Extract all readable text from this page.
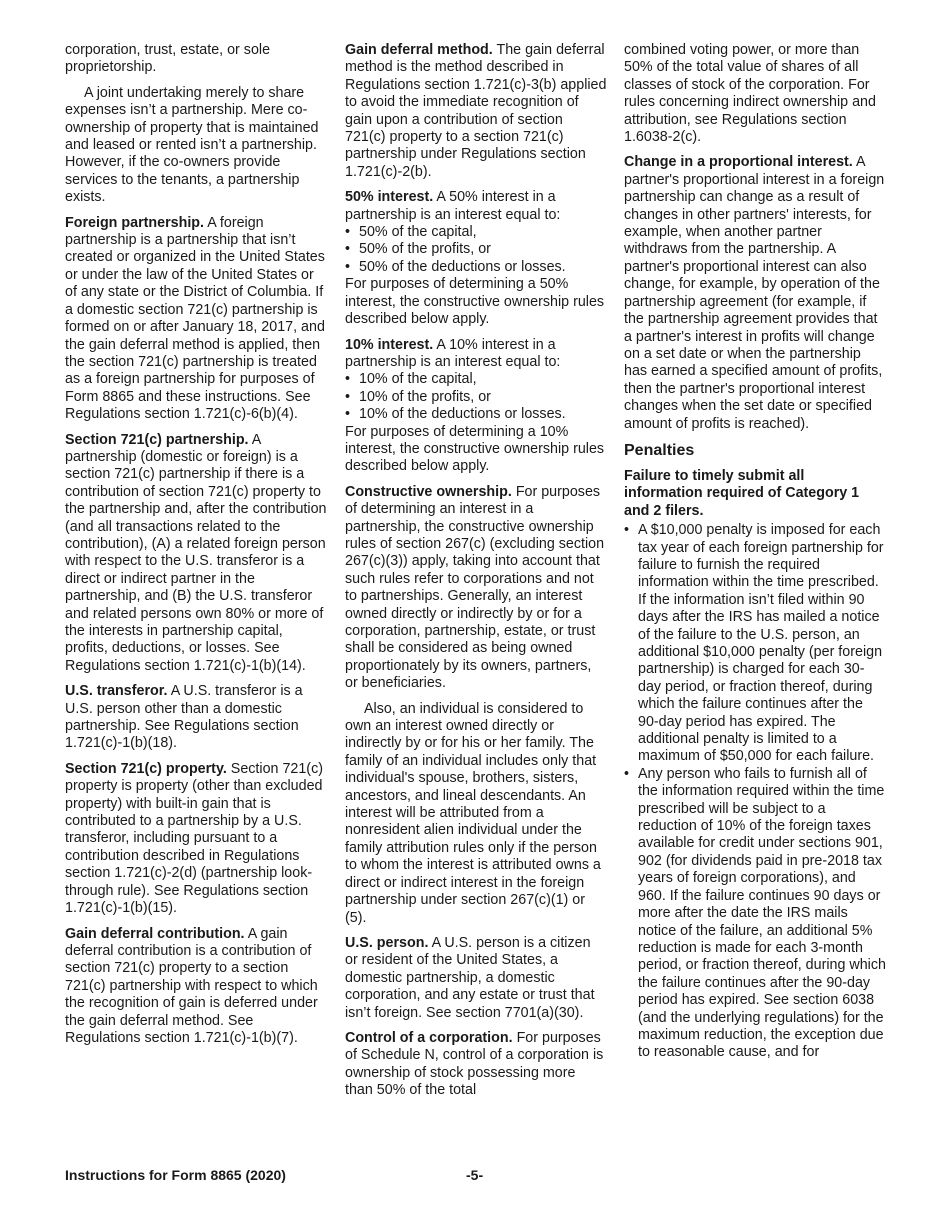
corporation, trust, estate, or sole proprietorship.

A joint undertaking merely to share expenses isn’t a partnership. Mere co-ownership of property that is maintained and leased or rented isn’t a partnership. However, if the co-owners provide services to the tenants, a partnership exists.

Foreign partnership. A foreign partnership is a partnership that isn’t created or organized in the United States or under the law of the United States or of any state or the District of Columbia. If a domestic section 721(c) partnership is formed on or after January 18, 2017, and the gain deferral method is applied, then the section 721(c) partnership is treated as a foreign partnership for purposes of Form 8865 and these instructions. See Regulations section 1.721(c)-6(b)(4).

Section 721(c) partnership. A partnership (domestic or foreign) is a section 721(c) partnership if there is a contribution of section 721(c) property to the partnership and, after the contribution (and all transactions related to the contribution), (A) a related foreign person with respect to the U.S. transferor is a direct or indirect partner in the partnership, and (B) the U.S. transferor and related persons own 80% or more of the interests in partnership capital, profits, deductions, or losses. See Regulations section 1.721(c)-1(b)(14).

U.S. transferor. A U.S. transferor is a U.S. person other than a domestic partnership. See Regulations section 1.721(c)-1(b)(18).

Section 721(c) property. Section 721(c) property is property (other than excluded property) with built-in gain that is contributed to a partnership by a U.S. transferor, including pursuant to a contribution described in Regulations section 1.721(c)-2(d) (partnership look-through rule). See Regulations section 1.721(c)-1(b)(15).

Gain deferral contribution. A gain deferral contribution is a contribution of section 721(c) property to a section 721(c) partnership with respect to which the recognition of gain is deferred under the gain deferral method. See Regulations section 1.721(c)-1(b)(7).

Gain deferral method. The gain deferral method is the method described in Regulations section 1.721(c)-3(b) applied to avoid the immediate recognition of gain upon a contribution of section 721(c) property to a section 721(c) partnership under Regulations section 1.721(c)-2(b).

50% interest. A 50% interest in a partnership is an interest equal to:
• 50% of the capital,
• 50% of the profits, or
• 50% of the deductions or losses.
For purposes of determining a 50% interest, the constructive ownership rules described below apply.
10% interest. A 10% interest in a partnership is an interest equal to:
• 10% of the capital,
• 10% of the profits, or
• 10% of the deductions or losses.
For purposes of determining a 10% interest, the constructive ownership rules described below apply.

Constructive ownership. For purposes of determining an interest in a partnership, the constructive ownership rules of section 267(c) (excluding section 267(c)(3)) apply, taking into account that such rules refer to corporations and not to partnerships. Generally, an interest owned directly or indirectly by or for a corporation, partnership, estate, or trust shall be considered as being owned proportionately by its owners, partners, or beneficiaries.

Also, an individual is considered to own an interest owned directly or indirectly by or for his or her family. The family of an individual includes only that individual's spouse, brothers, sisters, ancestors, and lineal descendants. An interest will be attributed from a nonresident alien individual under the family attribution rules only if the person to whom the interest is attributed owns a direct or indirect interest in the foreign partnership under section 267(c)(1) or (5).

U.S. person. A U.S. person is a citizen or resident of the United States, a domestic partnership, a domestic corporation, and any estate or trust that isn’t foreign. See section 7701(a)(30).

Control of a corporation. For purposes of Schedule N, control of a corporation is ownership of stock possessing more than 50% of the total

combined voting power, or more than 50% of the total value of shares of all classes of stock of the corporation. For rules concerning indirect ownership and attribution, see Regulations section 1.6038-2(c).

Change in a proportional interest. A partner's proportional interest in a foreign partnership can change as a result of changes in other partners' interests, for example, when another partner withdraws from the partnership. A partner's proportional interest can also change, for example, by operation of the partnership agreement (for example, if the partnership agreement provides that a partner's interest in profits will change on a set date or when the partnership has earned a specified amount of profits, then the partner's proportional interest changes when the set date or specified amount of profits is reached).

Penalties
Failure to timely submit all information required of Category 1 and 2 filers.
• A $10,000 penalty is imposed for each tax year of each foreign partnership for failure to furnish the required information within the time prescribed. If the information isn’t filed within 90 days after the IRS has mailed a notice of the failure to the U.S. person, an additional $10,000 penalty (per foreign partnership) is charged for each 30-day period, or fraction thereof, during which the failure continues after the 90-day period has expired. The additional penalty is limited to a maximum of $50,000 for each failure.
• Any person who fails to furnish all of the information required within the time prescribed will be subject to a reduction of 10% of the foreign taxes available for credit under sections 901, 902 (for dividends paid in pre-2018 tax years of foreign corporations), and 960. If the failure continues 90 days or more after the date the IRS mails notice of the failure, an additional 5% reduction is made for each 3-month period, or fraction thereof, during which the failure continues after the 90-day period has expired. See section 6038 (and the underlying regulations) for the maximum reduction, the exception due to reasonable cause, and for
Instructions for Form 8865 (2020)	-5-
